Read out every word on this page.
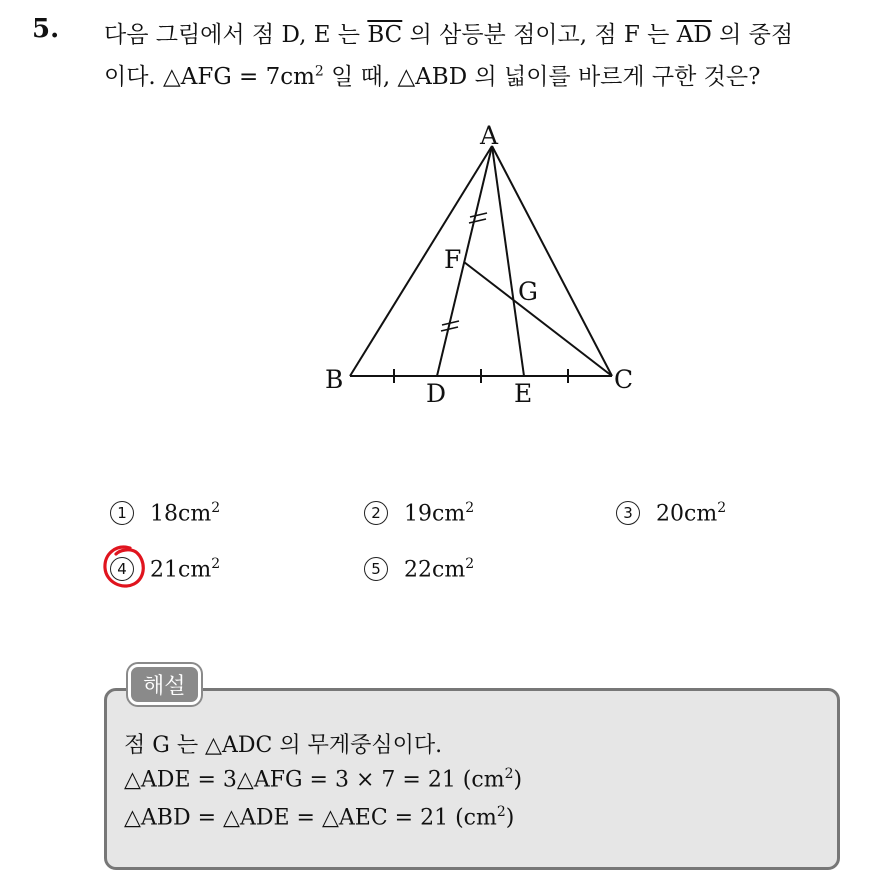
5. 다음 그림에서 점 D, E 는 $\overline{BC}$ 의 삼등분 점이고, 점 F 는 $\overline{AD}$ 의 중점
이다. △AFG = $7cm^2$ 일 때, △ABD 의 넓이를 바르게 구한 것은?
A
B	C
D	E
F
G
1 $18cm^2$	2 $19cm^2$	3 $20cm^2$
4 $21cm^2$	5 $22cm^2$
해설
점 G 는 △ADC 의 무게중심이다.
△ADE = 3△AFG = 3 × 7 = 21 $(cm^2)$
△ABD = △ADE = △AEC = 21 $(cm^2)$
